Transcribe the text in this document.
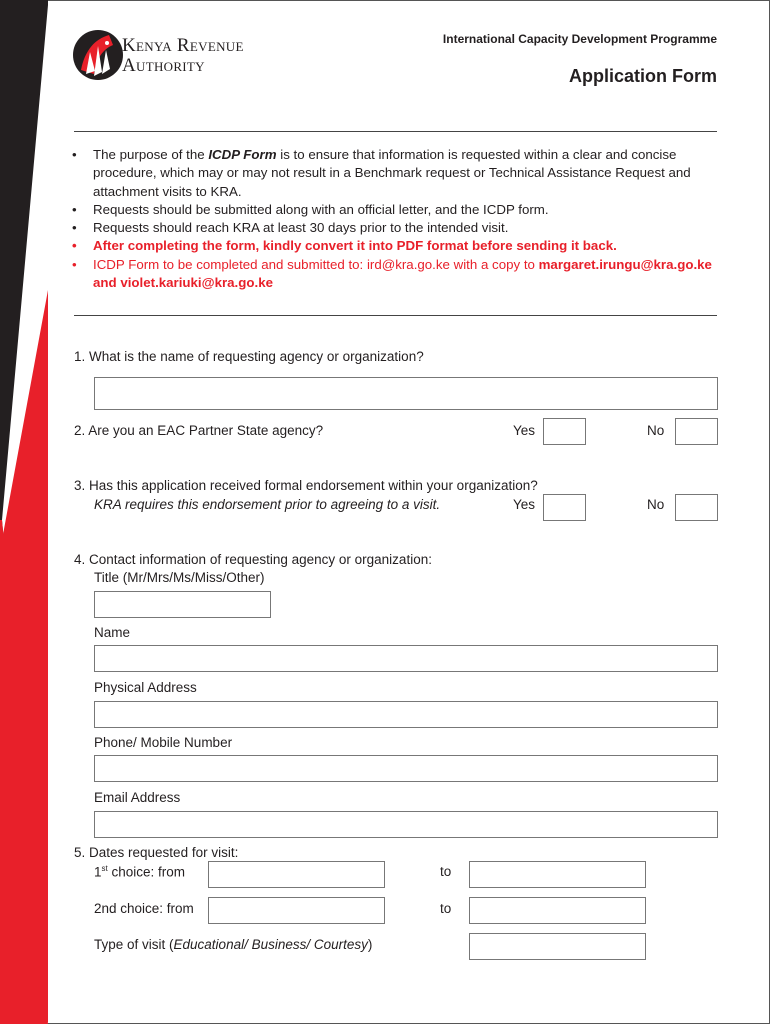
Kenya Revenue
Authority
International Capacity Development Programme
Application Form
• The purpose of the ICDP Form is to ensure that information is requested within a clear and concise procedure, which may or may not result in a Benchmark request or Technical Assistance Request and attachment visits to KRA.
• Requests should be submitted along with an official letter, and the ICDP form.
• Requests should reach KRA at least 30 days prior to the intended visit.
• After completing the form, kindly convert it into PDF format before sending it back.
• ICDP Form to be completed and submitted to: ird@kra.go.ke with a copy to margaret.irungu@kra.go.ke and violet.kariuki@kra.go.ke
1. What is the name of requesting agency or organization?
2. Are you an EAC Partner State agency?	Yes	No
3. Has this application received formal endorsement within your organization?
KRA requires this endorsement prior to agreeing to a visit.	Yes	No
4. Contact information of requesting agency or organization:
Title (Mr/Mrs/Ms/Miss/Other)
Name
Physical Address
Phone/ Mobile Number
Email Address
5. Dates requested for visit:
1st choice: from	to
2nd choice: from	to
Type of visit (Educational/ Business/ Courtesy)
